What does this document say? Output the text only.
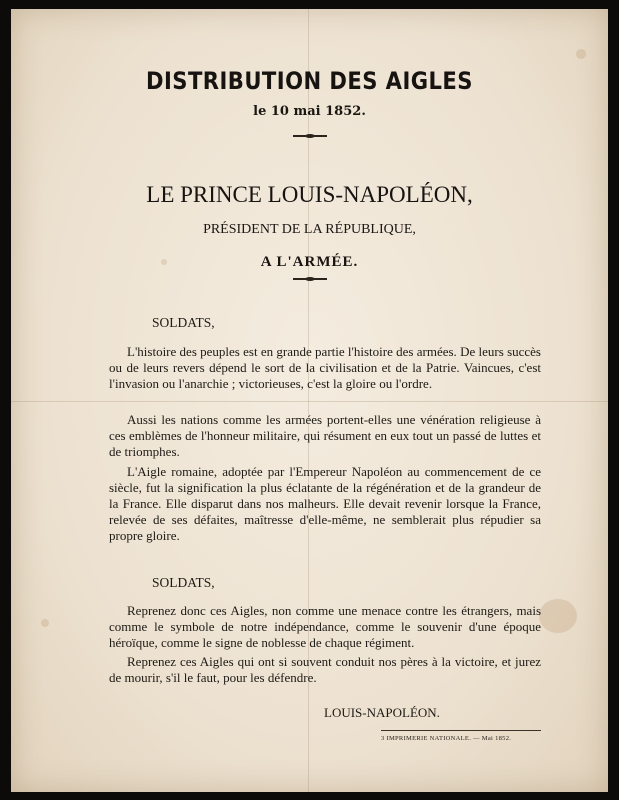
DISTRIBUTION DES AIGLES

le 10 mai 1852.

LE PRINCE LOUIS-NAPOLÉON,

PRÉSIDENT DE LA RÉPUBLIQUE,

A L'ARMÉE.

SOLDATS,

L'histoire des peuples est en grande partie l'histoire des armées. De leurs succès ou de leurs revers dépend le sort de la civilisation et de la Patrie. Vaincues, c'est l'invasion ou l'anarchie ; victorieuses, c'est la gloire ou l'ordre.

Aussi les nations comme les armées portent-elles une vénération religieuse à ces emblèmes de l'honneur militaire, qui résument en eux tout un passé de luttes et de triomphes.

L'Aigle romaine, adoptée par l'Empereur Napoléon au commencement de ce siècle, fut la signification la plus éclatante de la régénération et de la grandeur de la France. Elle disparut dans nos malheurs. Elle devait revenir lorsque la France, relevée de ses défaites, maîtresse d'elle-même, ne semblerait plus répudier sa propre gloire.

SOLDATS,

Reprenez donc ces Aigles, non comme une menace contre les étrangers, mais comme le symbole de notre indépendance, comme le souvenir d'une époque héroïque, comme le signe de noblesse de chaque régiment.

Reprenez ces Aigles qui ont si souvent conduit nos pères à la victoire, et jurez de mourir, s'il le faut, pour les défendre.

LOUIS-NAPOLÉON.

3 IMPRIMERIE NATIONALE. — Mai 1852.
